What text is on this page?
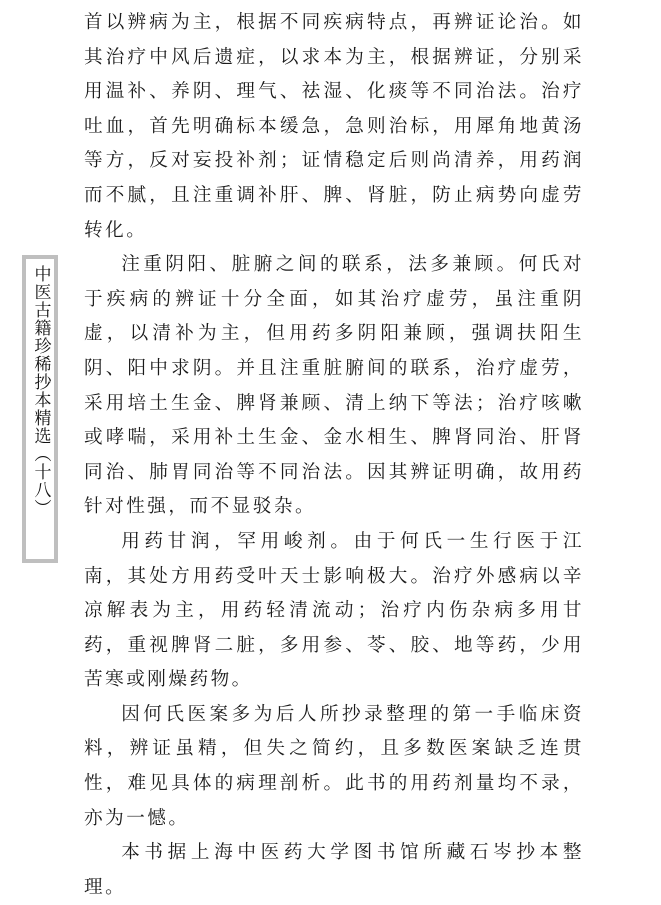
中医古籍珍稀抄本精选（十八）

首以辨病为主，根据不同疾病特点，再辨证论治。如其治疗中风后遗症，以求本为主，根据辨证，分别采用温补、养阴、理气、祛湿、化痰等不同治法。治疗吐血，首先明确标本缓急，急则治标，用犀角地黄汤等方，反对妄投补剂；证情稳定后则尚清养，用药润而不腻，且注重调补肝、脾、肾脏，防止病势向虚劳转化。

注重阴阳、脏腑之间的联系，法多兼顾。何氏对于疾病的辨证十分全面，如其治疗虚劳，虽注重阴虚，以清补为主，但用药多阴阳兼顾，强调扶阳生阴、阳中求阴。并且注重脏腑间的联系，治疗虚劳，采用培土生金、脾肾兼顾、清上纳下等法；治疗咳嗽或哮喘，采用补土生金、金水相生、脾肾同治、肝肾同治、肺胃同治等不同治法。因其辨证明确，故用药针对性强，而不显驳杂。

用药甘润，罕用峻剂。由于何氏一生行医于江南，其处方用药受叶天士影响极大。治疗外感病以辛凉解表为主，用药轻清流动；治疗内伤杂病多用甘药，重视脾肾二脏，多用参、苓、胶、地等药，少用苦寒或刚燥药物。

因何氏医案多为后人所抄录整理的第一手临床资料，辨证虽精，但失之简约，且多数医案缺乏连贯性，难见具体的病理剖析。此书的用药剂量均不录，亦为一憾。

本书据上海中医药大学图书馆所藏石岑抄本整理。
